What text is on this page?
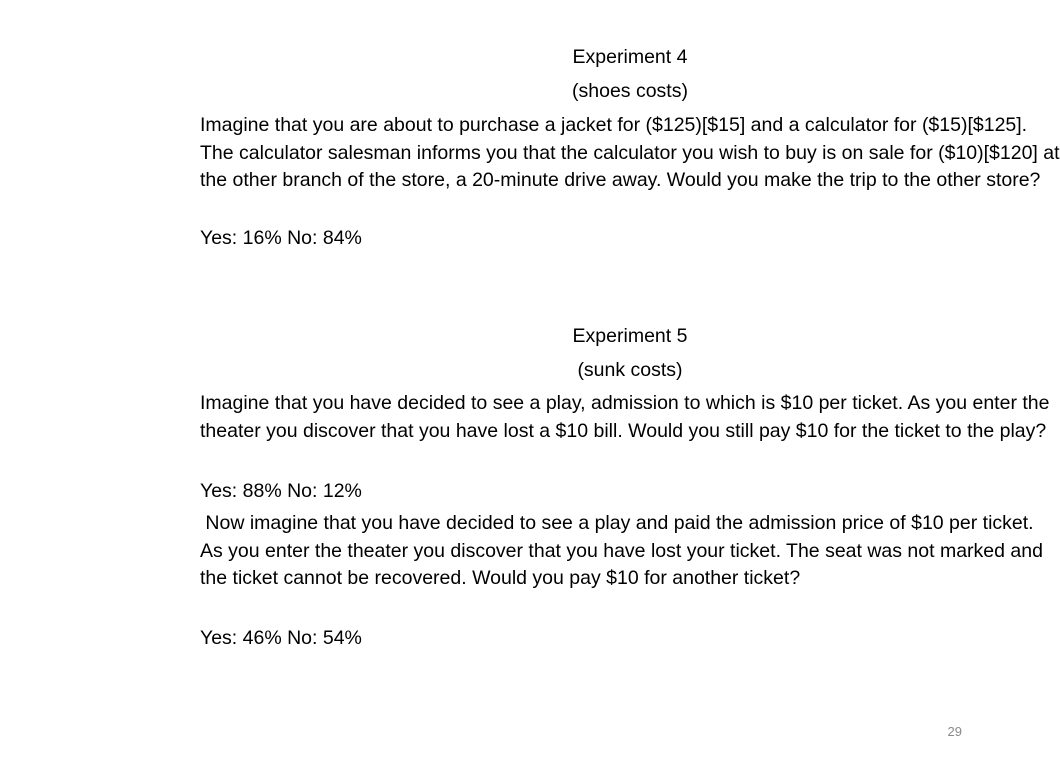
Experiment 4
(shoes costs)

Imagine that you are about to purchase a jacket for ($125)[$15] and a calculator for ($15)[$125]. The calculator salesman informs you that the calculator you wish to buy is on sale for ($10)[$120] at the other branch of the store, a 20-minute drive away. Would you make the trip to the other store?

Yes: 16% No: 84%
Experiment 5
(sunk costs)

Imagine that you have decided to see a play, admission to which is $10 per ticket. As you enter the theater you discover that you have lost a $10 bill. Would you still pay $10 for the ticket to the play?

Yes: 88% No: 12%

Now imagine that you have decided to see a play and paid the admission price of $10 per ticket. As you enter the theater you discover that you have lost your ticket. The seat was not marked and the ticket cannot be recovered. Would you pay $10 for another ticket?

Yes: 46% No: 54%
29
